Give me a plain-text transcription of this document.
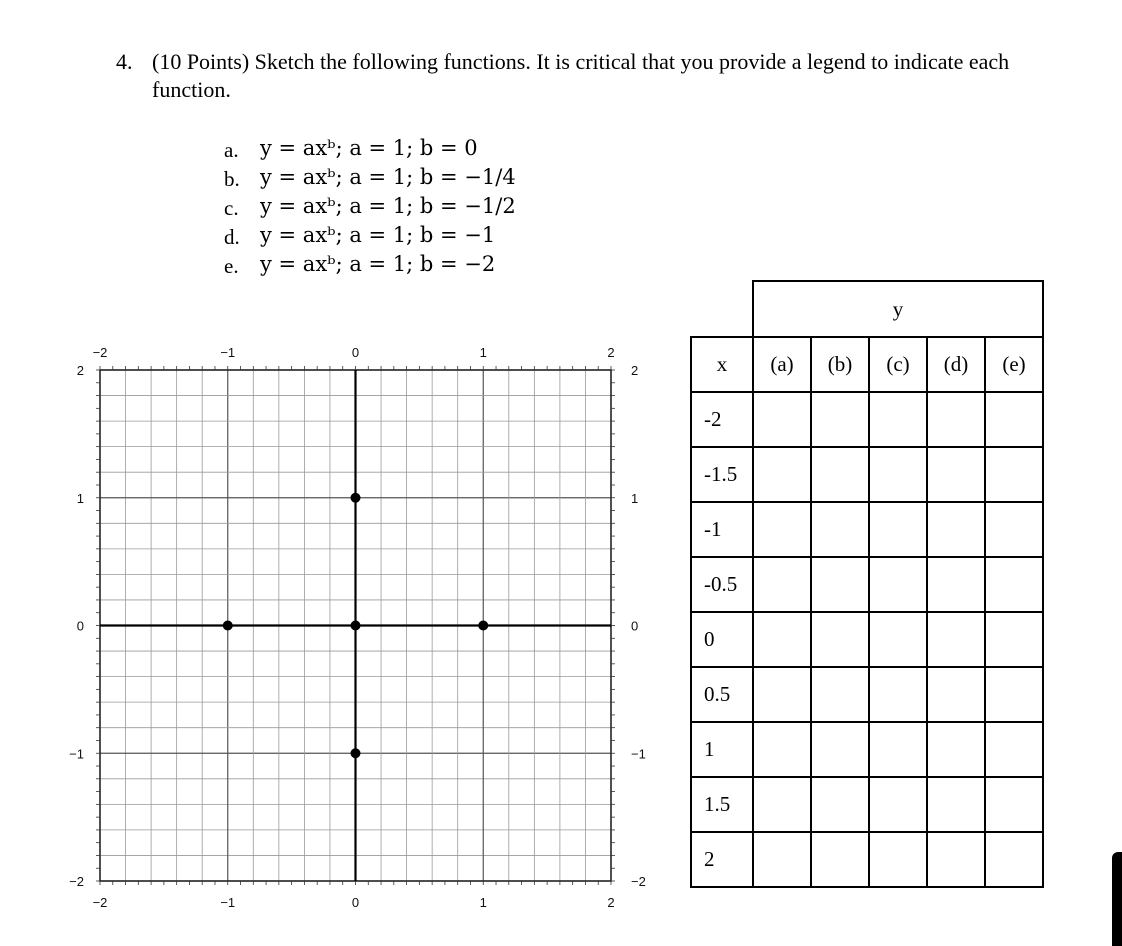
4. (10 Points) Sketch the following functions. It is critical that you provide a legend to indicate each function.
a. y = axᵇ; a = 1; b = 0
b. y = axᵇ; a = 1; b = −1/4
c. y = axᵇ; a = 1; b = −1/2
d. y = axᵇ; a = 1; b = −1
e. y = axᵇ; a = 1; b = −2
−2
−2
−1
−1
0
0
1
1
2
2
2	2
1	1
0	0
−1	−1
−2	−2
	y				
x	(a)	(b)	(c)	(d)	(e)
-2					
-1.5					
-1					
-0.5					
0					
0.5					
1					
1.5					
2					
